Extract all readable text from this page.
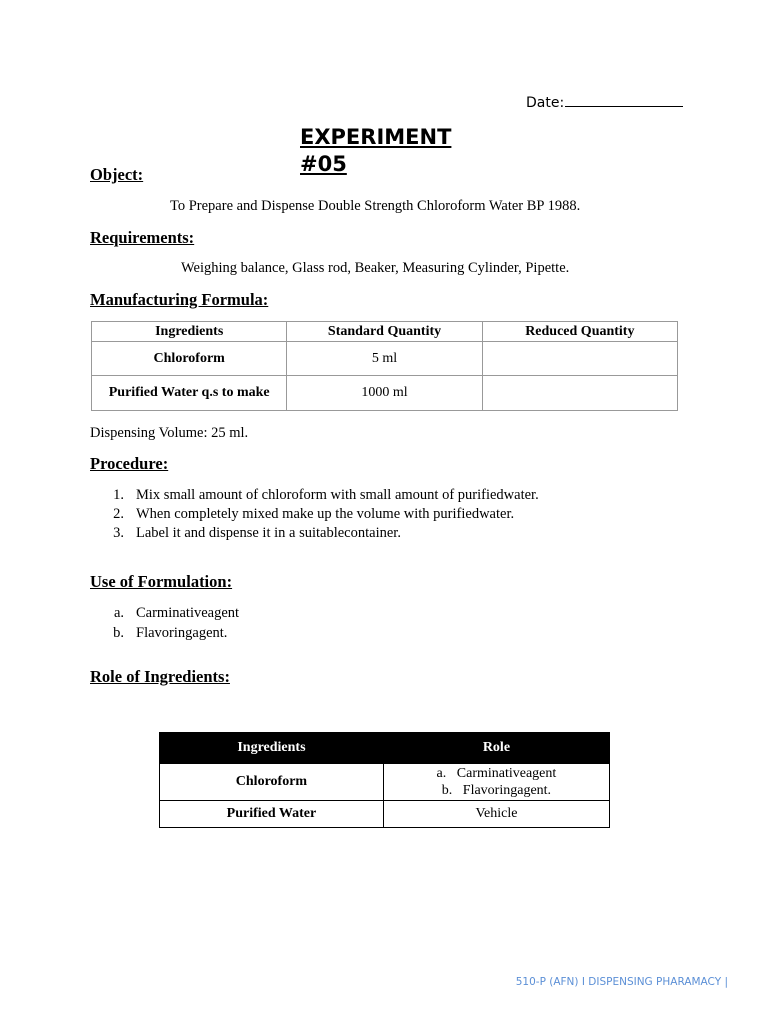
Date:
EXPERIMENT #05
Object:
To Prepare and Dispense Double Strength Chloroform Water BP 1988.
Requirements:
Weighing balance, Glass rod, Beaker, Measuring Cylinder, Pipette.
Manufacturing Formula:
Ingredients	Standard Quantity	Reduced Quantity
Chloroform	5 ml	
Purified Water q.s to make	1000 ml	
Dispensing Volume: 25 ml.
Procedure:
1. Mix small amount of chloroform with small amount of purifiedwater.
2. When completely mixed make up the volume with purifiedwater.
3. Label it and dispense it in a suitablecontainer.
Use of Formulation:
a. Carminativeagent
b. Flavoringagent.
Role of Ingredients:
Ingredients	Role
Chloroform	a. Carminativeagent
b. Flavoringagent.

Purified Water	Vehicle
510-P (AFN) I DISPENSING PHARAMACY |
